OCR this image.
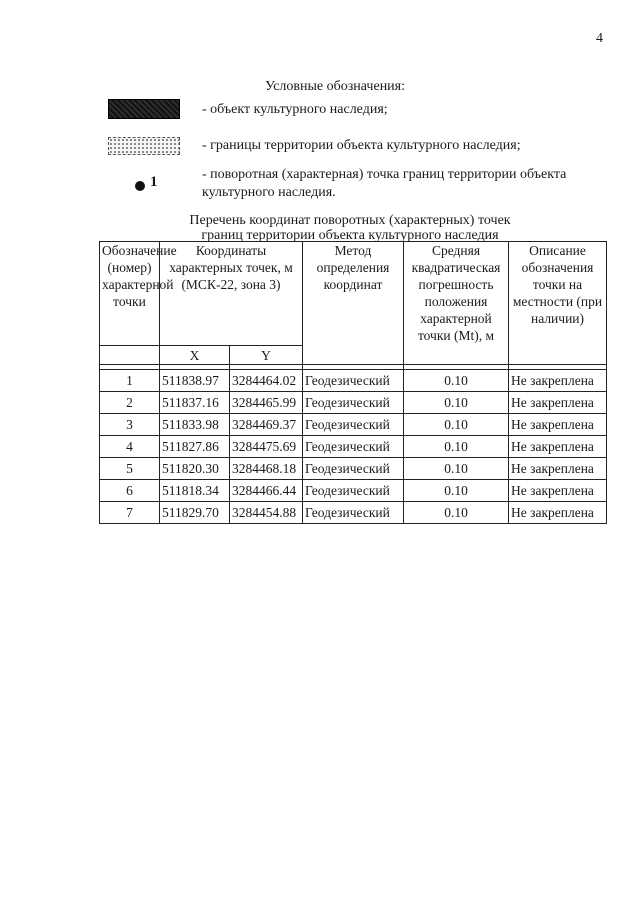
4
Условные обозначения:
- объект культурного наследия;
- границы территории объекта культурного наследия;
1	- поворотная (характерная) точка границ территории объекта культурного наследия.
Перечень координат поворотных (характерных) точек
границ территории объекта культурного наследия
Обозначение (номер) характерной точки	Координаты характерных точек, м (МСК-22, зона 3)		Метод определения координат	Средняя квадратическая погрешность положения характерной точки (Mt), м	Описание обозначения точки на местности (при наличии)
	X	Y			

1	511838.97	3284464.02	Геодезический	0.10	Не закреплена
2	511837.16	3284465.99	Геодезический	0.10	Не закреплена
3	511833.98	3284469.37	Геодезический	0.10	Не закреплена
4	511827.86	3284475.69	Геодезический	0.10	Не закреплена
5	511820.30	3284468.18	Геодезический	0.10	Не закреплена
6	511818.34	3284466.44	Геодезический	0.10	Не закреплена
7	511829.70	3284454.88	Геодезический	0.10	Не закреплена
